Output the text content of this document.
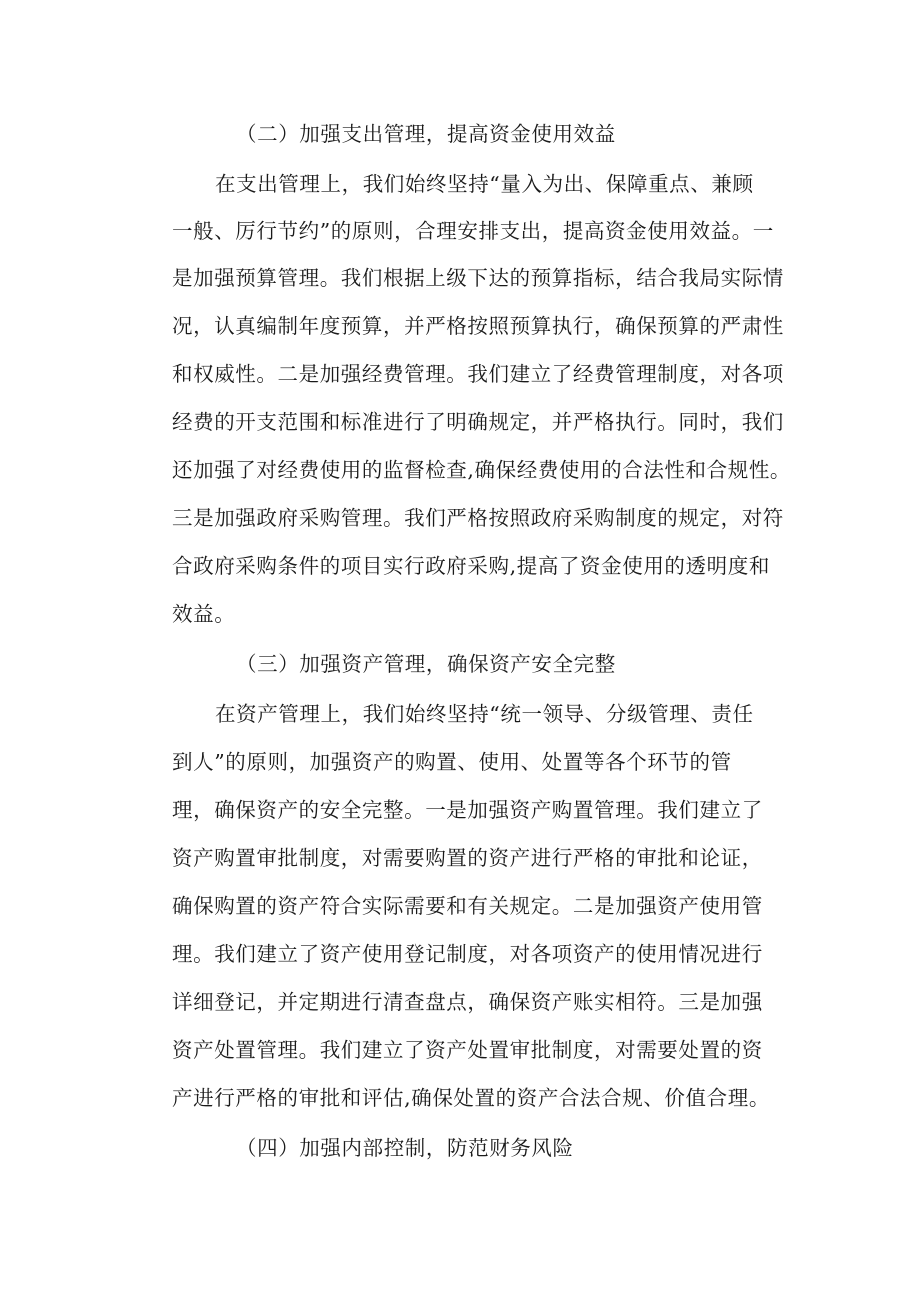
（二）加强支出管理，提高资金使用效益
在支出管理上，我们始终坚持“量入为出、保障重点、兼顾
一般、厉行节约”的原则，合理安排支出，提高资金使用效益。一
是加强预算管理。我们根据上级下达的预算指标，结合我局实际情
况，认真编制年度预算，并严格按照预算执行，确保预算的严肃性
和权威性。二是加强经费管理。我们建立了经费管理制度，对各项
经费的开支范围和标准进行了明确规定，并严格执行。同时，我们
还加强了对经费使用的监督检查,确保经费使用的合法性和合规性。
三是加强政府采购管理。我们严格按照政府采购制度的规定，对符
合政府采购条件的项目实行政府采购,提高了资金使用的透明度和
效益。
（三）加强资产管理，确保资产安全完整
在资产管理上，我们始终坚持“统一领导、分级管理、责任
到人”的原则，加强资产的购置、使用、处置等各个环节的管
理，确保资产的安全完整。一是加强资产购置管理。我们建立了
资产购置审批制度，对需要购置的资产进行严格的审批和论证，
确保购置的资产符合实际需要和有关规定。二是加强资产使用管
理。我们建立了资产使用登记制度，对各项资产的使用情况进行
详细登记，并定期进行清查盘点，确保资产账实相符。三是加强
资产处置管理。我们建立了资产处置审批制度，对需要处置的资
产进行严格的审批和评估,确保处置的资产合法合规、价值合理。
（四）加强内部控制，防范财务风险
